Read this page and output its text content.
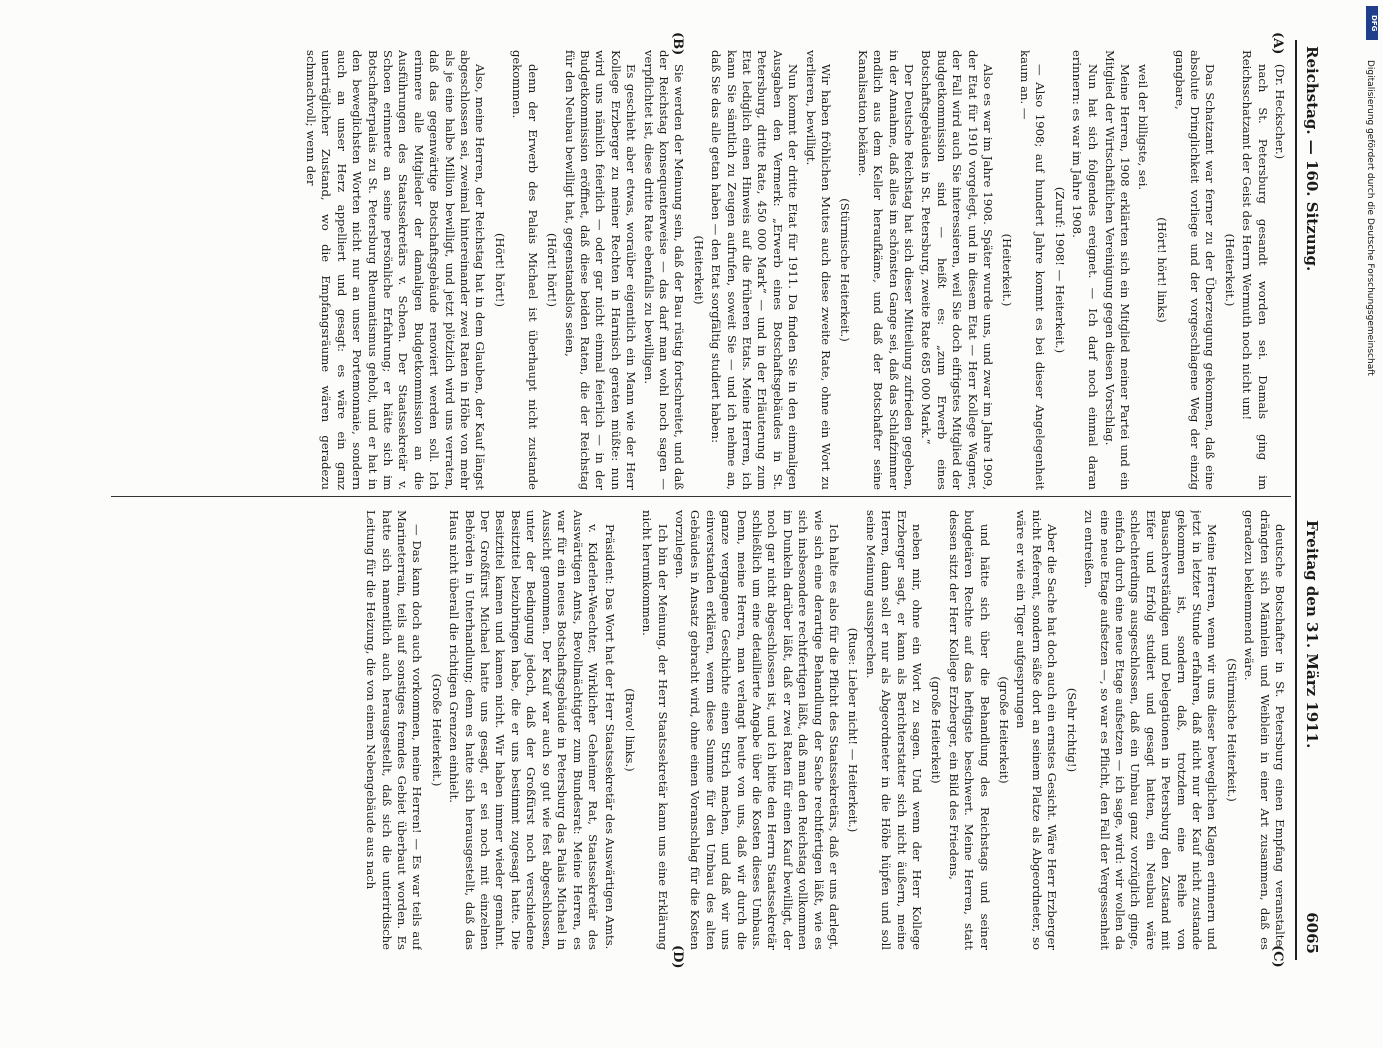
Reichstag. — 160. Sitzung.
Freitag den 31. März 1911.
6065

(Dr. Heckscher.)

nach St. Petersburg gesandt worden sei. Damals ging im Reichsschatzamt der Geist des Herrn Wermuth noch nicht um!

(Heiterkeit.)

Das Schatzamt war ferner zu der Überzeugung gekommen, daß eine absolute Dringlichkeit vorliege und der vorgeschlagene Weg der einzig gangbare,

(Hört! hört! links)

weil der billigste, sei.

Meine Herren, 1908 erklärten sich ein Mitglied meiner Partei und ein Mitglied der Wirtschaftlichen Vereinigung gegen diesen Vorschlag.

Nun hat sich folgendes ereignet. — Ich darf noch einmal daran erinnern: es war im Jahre 1908.

(Zuruf: 1908! — Heiterkeit.)

— Also 1908; auf hundert Jahre kommt es bei dieser Angelegenheit kaum an. —

(Heiterkeit.)

Also es war im Jahre 1908. Später wurde uns, und zwar im Jahre 1909, der Etat für 1910 vorgelegt, und in diesem Etat — Herr Kollege Wagner, der Fall wird auch Sie interessieren, weil Sie doch eifrigstes Mitglied der Budgetkommission sind — heißt es: „zum Erwerb eines Botschaftsgebäudes in St. Petersburg, zweite Rate 685 000 Mark.“

Der Deutsche Reichstag hat sich dieser Mitteilung zufrieden gegeben, in der Annahme, daß alles im schönsten Gange sei, daß das Schlafzimmer endlich aus dem Keller heraufkäme, und daß der Botschafter seine Kanalisation bekäme.

(Stürmische Heiterkeit.)

Wir haben fröhlichen Mutes auch diese zweite Rate, ohne ein Wort zu verlieren, bewilligt.

Nun kommt der dritte Etat für 1911. Da finden Sie in den einmaligen Ausgaben den Vermerk: „Erwerb eines Botschaftsgebäudes in St. Petersburg, dritte Rate, 450 000 Mark“ — und in der Erläuterung zum Etat lediglich einen Hinweis auf die früheren Etats. Meine Herren, ich kann Sie sämtlich zu Zeugen aufrufen, soweit Sie — und ich nehme an, daß Sie das alle getan haben — den Etat sorgfältig studiert haben:

(Heiterkeit)

Sie werden der Meinung sein, daß der Bau rüstig fortschreitet, und daß der Reichstag konsequenterweise — das darf man wohl noch sagen — verpflichtet ist, diese dritte Rate ebenfalls zu bewilligen.

Es geschieht aber etwas, woraüber eigentlich ein Mann wie der Herr Kollege Erzberger zu meiner Rechten in Harnisch geraten müßte: nun wird uns nämlich feierlich — oder gar nicht einmal feierlich — in der Budgetkommission eröffnet, daß diese beiden Raten, die der Reichstag für den Neubau bewilligt hat, gegenstandslos seien,

(Hört! hört!)

denn der Erwerb des Palais Michael ist überhaupt nicht zustande gekommen.

(Hört! hört!)

Also, meine Herren, der Reichstag hat in dem Glauben, der Kauf längst abgeschlossen sei, zweimal hintereinander zwei Raten in Höhe von mehr als je eine halbe Million bewilligt, und jetzt plötzlich wird uns verraten, daß das gegenwärtige Botschaftsgebäude renoviert werden soll. Ich erinnere alle Mitglieder der damaligen Budgetkommission an die Ausführungen des Staatssekretärs v. Schoen. Der Staatssekretär v. Schoen erinnerte an seine persönliche Erfahrung; er hätte sich im Botschafterpalais zu St. Petersburg Rheumatismus geholt, und er hat in den beweglichsten Worten nicht nur an unser Portemonnaie, sondern auch an unser Herz appelliert und gesagt: es wäre ein ganz unerträglicher Zustand, wo die Empfangsräume wären geradezu schmachvoll; wenn der

deutsche Botschafter in St. Petersburg einen Empfang veranstalte, drängten sich Männlein und Weiblein in einer Art zusammen, daß es geradezu beklemmend wäre.

(Stürmische Heiterkeit.)

Meine Herren, wenn wir uns dieser beweglichen Klagen erinnern und jetzt in letzter Stunde erfahren, daß nicht nur der Kauf nicht zustande gekommen ist, sondern daß, trotzdem eine Reihe von Bausachverständigen und Delegationen in Petersburg den Zustand mit Eifer und Erfolg studiert und gesagt hatten, ein Neubau wäre schlechterdings ausgeschlossen, daß ein Umbau ganz vorzüglich ginge, einfach durch eine neue Etage aufsetzen — ich sage, wird: wir wollen da eine neue Etage aufsetzen —, so war es Pflicht, den Fall der Vergessenheit zu entreißen.

(Sehr richtig!)

Aber die Sache hat doch auch ein ernstes Gesicht. Wäre Herr Erzberger nicht Referent, sondern säße dort an seinem Platze als Abgeordneter, so wäre er wie ein Tiger aufgesprungen

(große Heiterkeit)

und hätte sich über die Behandlung des Reichstags und seiner budgetären Rechte auf das heftigste beschwert. Meine Herren, statt dessen sitzt der Herr Kollege Erzberger, ein Bild des Friedens,

(große Heiterkeit)

neben mir, ohne ein Wort zu sagen. Und wenn der Herr Kollege Erzberger sagt, er kann als Berichterstatter sich nicht äußern, meine Herren, dann soll er nur als Abgeordneter in die Höhe hüpfen und soll seine Meinung aussprechen.

(Ruse: Lieber nicht! — Heiterkeit.)

Ich halte es also für die Pflicht des Staatssekretärs, daß er uns darlegt, wie sich eine derartige Behandlung der Sache rechtfertigen läßt, wie es sich insbesondere rechtfertigen läßt, daß man den Reichstag vollkommen im Dunkeln darüber läßt, daß er zwei Raten für einen Kauf bewilligt, der noch gar nicht abgeschlossen ist, und ich bitte den Herrn Staatssekretär schließlich um eine detaillierte Angabe über die Kosten dieses Umbaus. Denn, meine Herren, man verlangt heute von uns, daß wir durch die ganze vergangene Geschichte einen Strich machen, und daß wir uns einverstanden erklären, wenn diese Summe für den Umbau des alten Gebäudes in Ansatz gebracht wird, ohne einen Voranschlag für die Kosten vorzulegen.

Ich bin der Meinung, der Herr Staatssekretär kann uns eine Erklärung nicht herumkommen.

(Bravo! links.)

Präsident: Das Wort hat der Herr Staatssekretär des Auswärtigen Amts.

v. Kiderlen-Waechter, Wirklicher Geheimer Rat, Staatssekretär des Auswärtigen Amts, Bevollmächtigter zum Bundesrat: Meine Herren, es war für ein neues Botschaftsgebäude in Petersburg das Palais Michael in Aussicht genommen. Der Kauf war auch so gut wie fest abgeschlossen, unter der Bedingung jedoch, daß der Großfürst noch verschiedene Besitztitel beizubringen habe, die er uns bestimmt zugesagt hatte. Die Besitztitel kamen und kamen nicht. Wir haben immer wieder gemahnt. Der Großfürst Michael hatte uns gesagt, er sei noch mit einzelnen Behörden in Unterhandlung; denn es hatte sich herausgestellt, daß das Haus nicht überall die richtigen Grenzen einhielt.

(Große Heiterkeit.)

— Das kann doch auch vorkommen, meine Herren! — Es war teils auf Marineterrain, teils auf sonstiges fremdes Gebiet überbaut worden. Es hatte sich namentlich auch herausgestellt, daß sich die unterirdische Leitung für die Heizung, die von einem Nebengebäude aus nach

(A)
(B)
(C)
(D)
DFG
Digitalisierung gefördert durch die Deutsche Forschungsgemeinschaft
